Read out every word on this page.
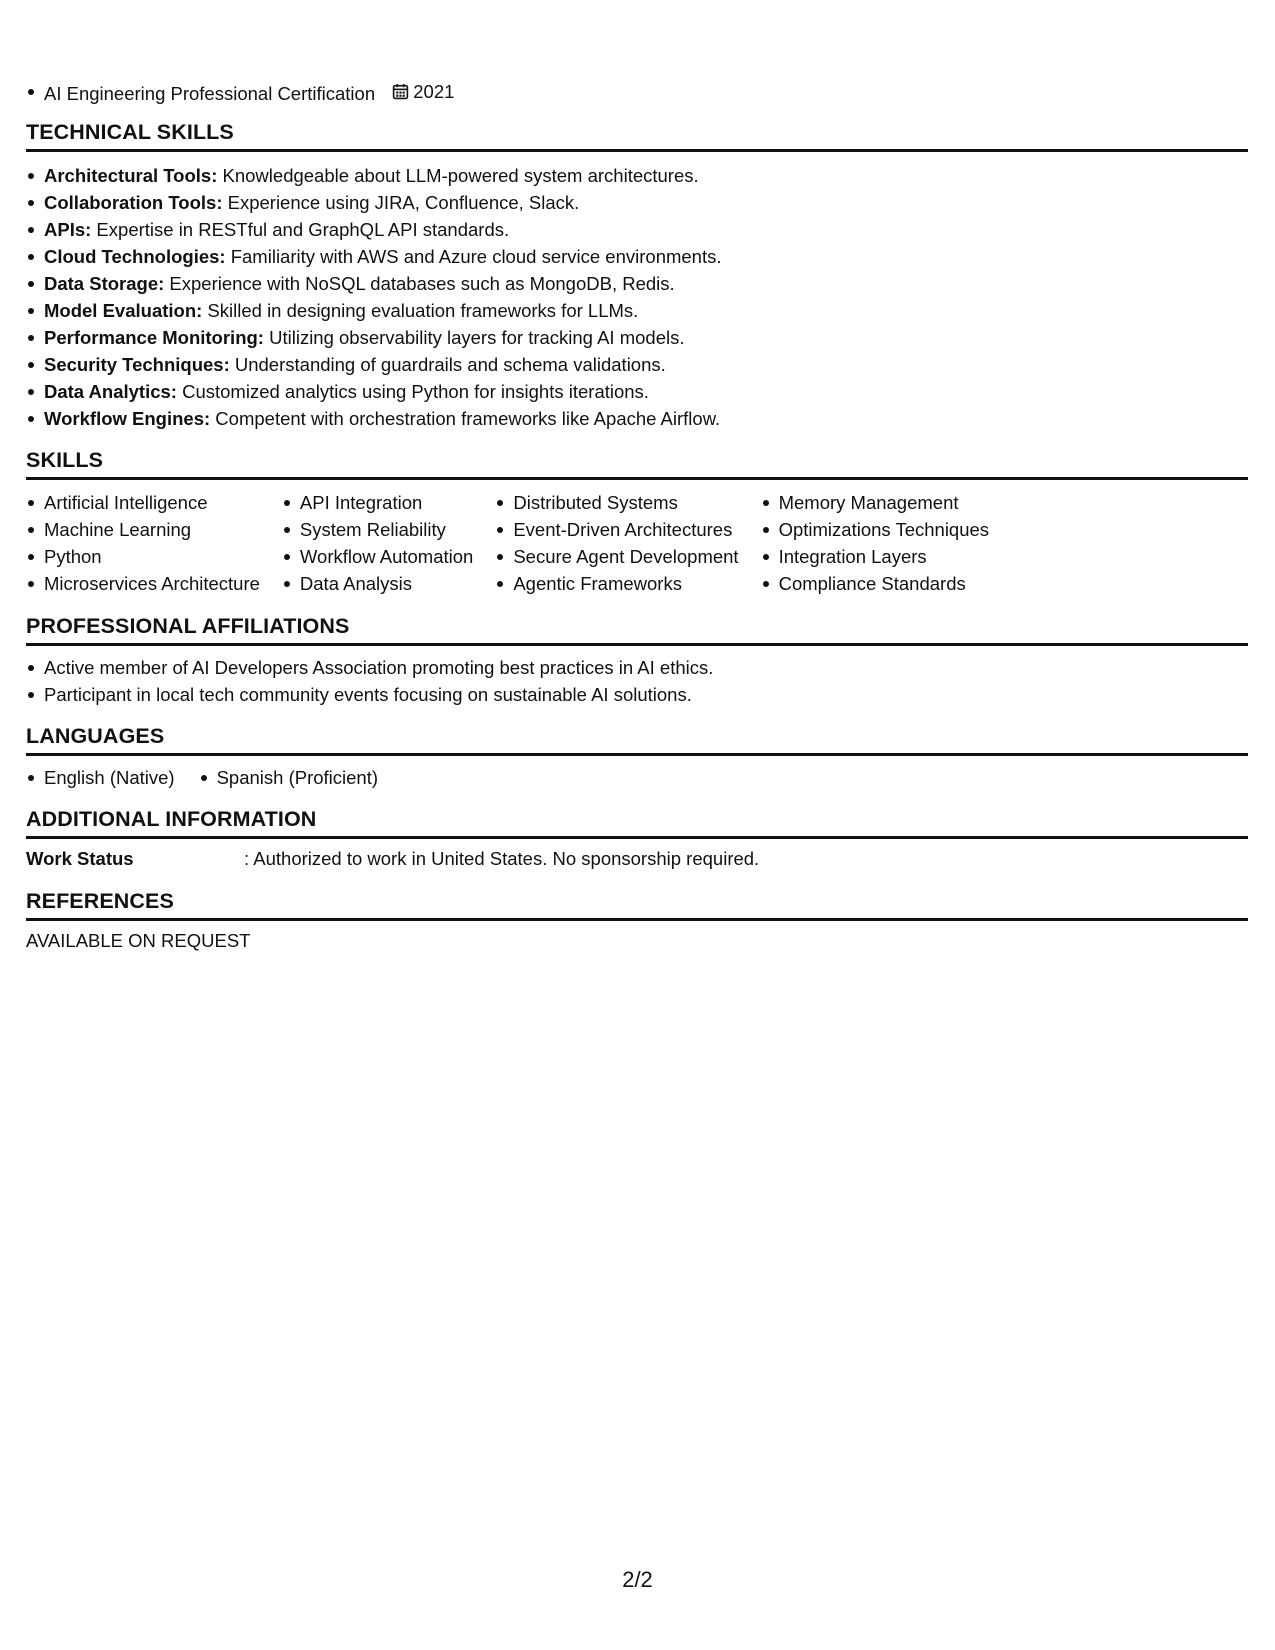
AI Engineering Professional Certification 2021
TECHNICAL SKILLS
Architectural Tools: Knowledgeable about LLM-powered system architectures.
Collaboration Tools: Experience using JIRA, Confluence, Slack.
APIs: Expertise in RESTful and GraphQL API standards.
Cloud Technologies: Familiarity with AWS and Azure cloud service environments.
Data Storage: Experience with NoSQL databases such as MongoDB, Redis.
Model Evaluation: Skilled in designing evaluation frameworks for LLMs.
Performance Monitoring: Utilizing observability layers for tracking AI models.
Security Techniques: Understanding of guardrails and schema validations.
Data Analytics: Customized analytics using Python for insights iterations.
Workflow Engines: Competent with orchestration frameworks like Apache Airflow.
SKILLS
Artificial Intelligence
Machine Learning
Python
Microservices Architecture
API Integration
System Reliability
Workflow Automation
Data Analysis
Distributed Systems
Event-Driven Architectures
Secure Agent Development
Agentic Frameworks
Memory Management
Optimizations Techniques
Integration Layers
Compliance Standards
PROFESSIONAL AFFILIATIONS
Active member of AI Developers Association promoting best practices in AI ethics.
Participant in local tech community events focusing on sustainable AI solutions.
LANGUAGES
English (Native)	Spanish (Proficient)
ADDITIONAL INFORMATION
Work Status	: Authorized to work in United States. No sponsorship required.
REFERENCES
AVAILABLE ON REQUEST
2/2
